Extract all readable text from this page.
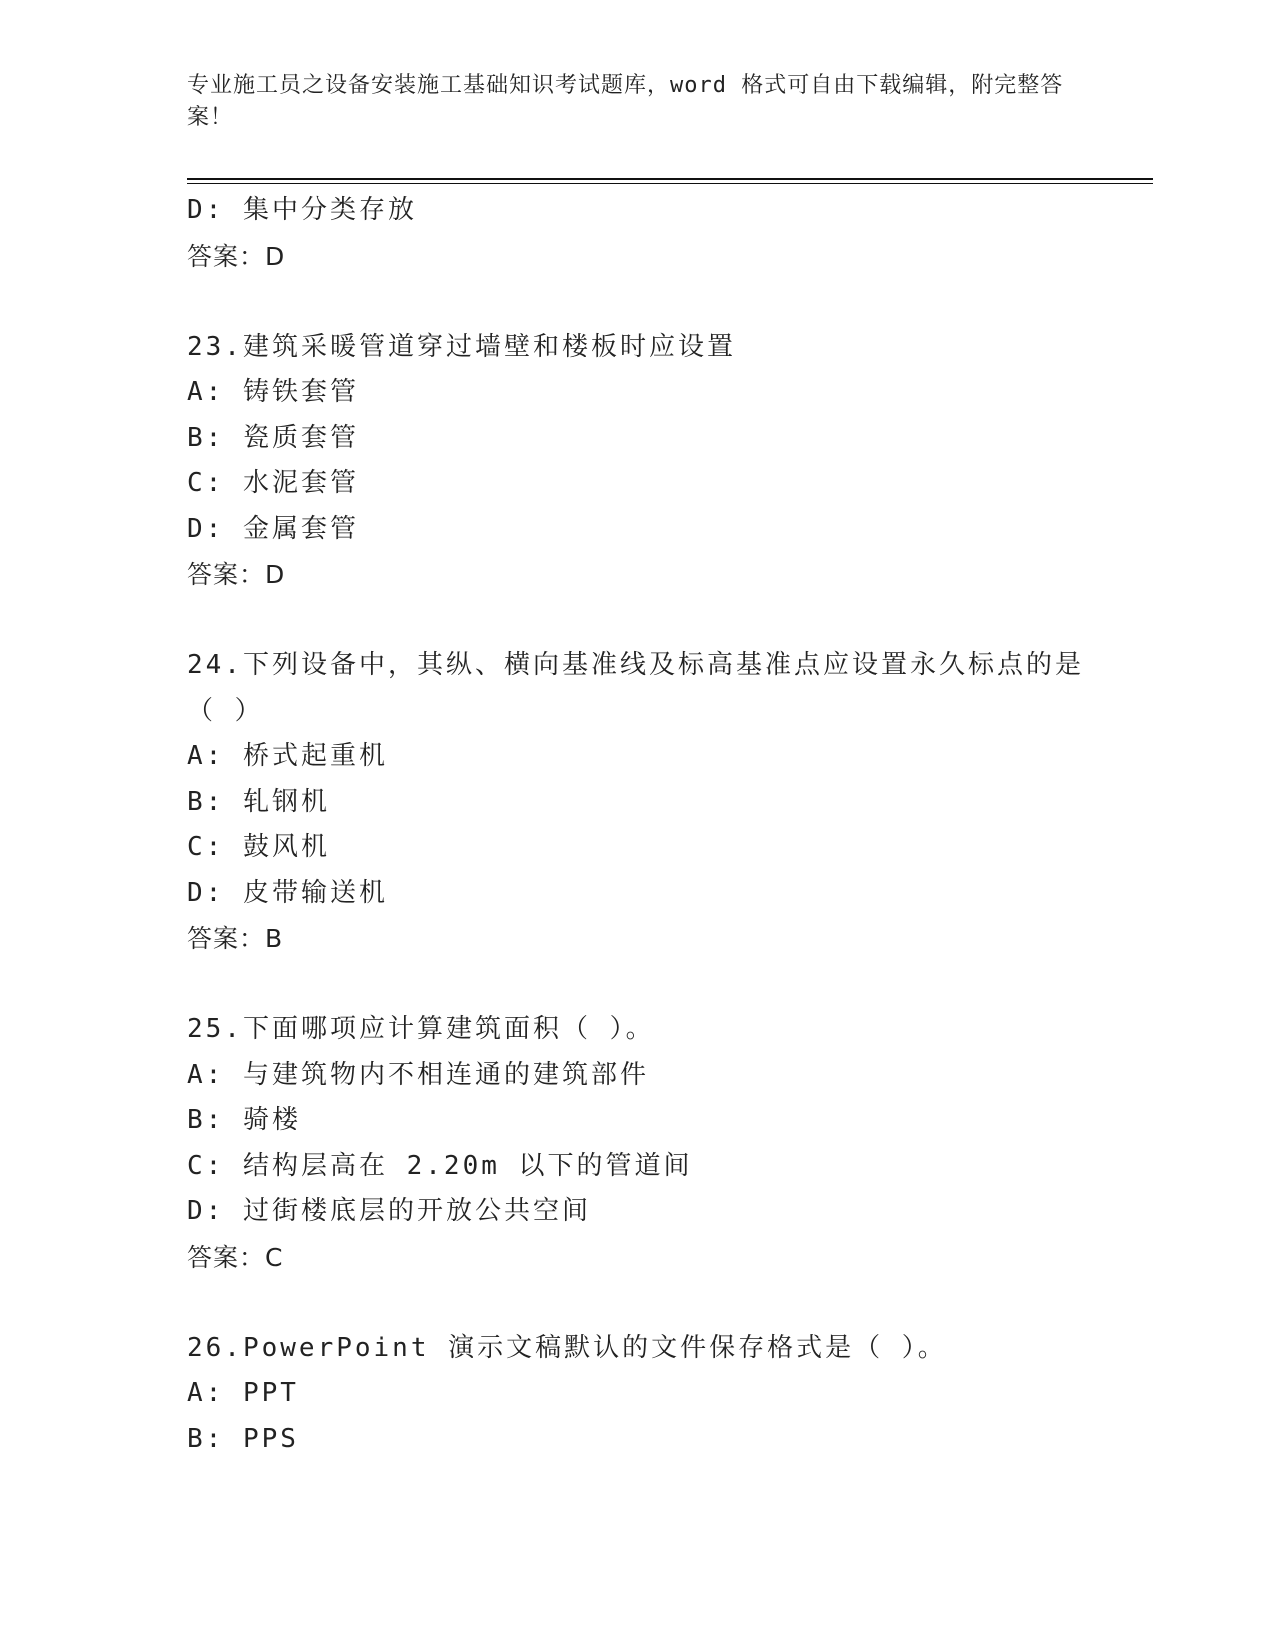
专业施工员之设备安装施工基础知识考试题库，word 格式可自由下载编辑，附完整答案！
D: 集中分类存放
答案：D
23.建筑采暖管道穿过墙壁和楼板时应设置
A: 铸铁套管
B: 瓷质套管
C: 水泥套管
D: 金属套管
答案：D
24.下列设备中，其纵、横向基准线及标高基准点应设置永久标点的是
（ ）
A: 桥式起重机
B: 轧钢机
C: 鼓风机
D: 皮带输送机
答案：B
25.下面哪项应计算建筑面积（ ）。
A: 与建筑物内不相连通的建筑部件
B: 骑楼
C: 结构层高在 2.20m 以下的管道间
D: 过街楼底层的开放公共空间
答案：C
26.PowerPoint 演示文稿默认的文件保存格式是（ ）。
A: PPT
B: PPS
